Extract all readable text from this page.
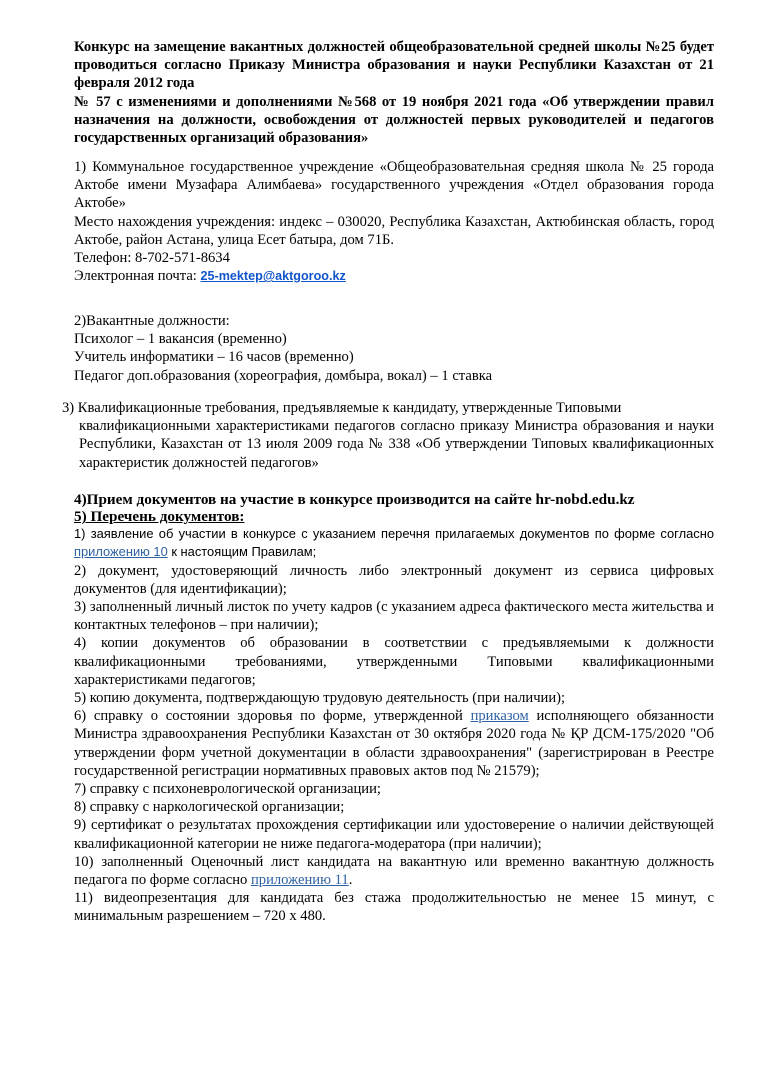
Конкурс на замещение вакантных должностей общеобразовательной средней школы №25 будет проводиться согласно Приказу Министра образования и науки Республики Казахстан от 21 февраля 2012 года

№ 57 с изменениями и дополнениями №568 от 19 ноября 2021 года «Об утверждении правил назначения на должности, освобождения от должностей первых руководителей и педагогов государственных организаций образования»

1) Коммунальное государственное учреждение «Общеобразовательная средняя школа № 25 города Актобе имени Музафара Алимбаева» государственного учреждения «Отдел образования города Актобе»

Место нахождения учреждения: индекс – 030020, Республика Казахстан, Актюбинская область, город Актобе, район Астана, улица Есет батыра, дом 71Б.

Телефон: 8-702-571-8634

Электронная почта: 25-mektep@aktgoroo.kz

2)Вакантные должности:

Психолог – 1 вакансия (временно)

Учитель информатики – 16 часов (временно)

Педагог доп.образования (хореография, домбыра, вокал) – 1 ставка

3) Квалификационные требования, предъявляемые к кандидату, утвержденные Типовыми

квалификационными характеристиками педагогов согласно приказу Министра образования и науки Республики, Казахстан от 13 июля 2009 года № 338 «Об утверждении Типовых квалификационных характеристик должностей педагогов»

4)Прием документов на участие в конкурсе производится на сайте hr-nobd.edu.kz

5) Перечень документов:

1) заявление об участии в конкурсе с указанием перечня прилагаемых документов по форме согласно приложению 10 к настоящим Правилам;

2) документ, удостоверяющий личность либо электронный документ из сервиса цифровых документов (для идентификации);

3) заполненный личный листок по учету кадров (с указанием адреса фактического места жительства и контактных телефонов – при наличии);

4) копии документов об образовании в соответствии с предъявляемыми к должности квалификационными требованиями, утвержденными Типовыми квалификационными характеристиками педагогов;

5) копию документа, подтверждающую трудовую деятельность (при наличии);

6) справку о состоянии здоровья по форме, утвержденной приказом исполняющего обязанности Министра здравоохранения Республики Казахстан от 30 октября 2020 года № ҚР ДСМ-175/2020 "Об утверждении форм учетной документации в области здравоохранения" (зарегистрирован в Реестре государственной регистрации нормативных правовых актов под № 21579);

7) справку с психоневрологической организации;

8) справку с наркологической организации;

9) сертификат о результатах прохождения сертификации или удостоверение о наличии действующей квалификационной категории не ниже педагога-модератора (при наличии);

10) заполненный Оценочный лист кандидата на вакантную или временно вакантную должность педагога по форме согласно приложению 11.

11) видеопрезентация для кандидата без стажа продолжительностью не менее 15 минут, с минимальным разрешением – 720 x 480.
